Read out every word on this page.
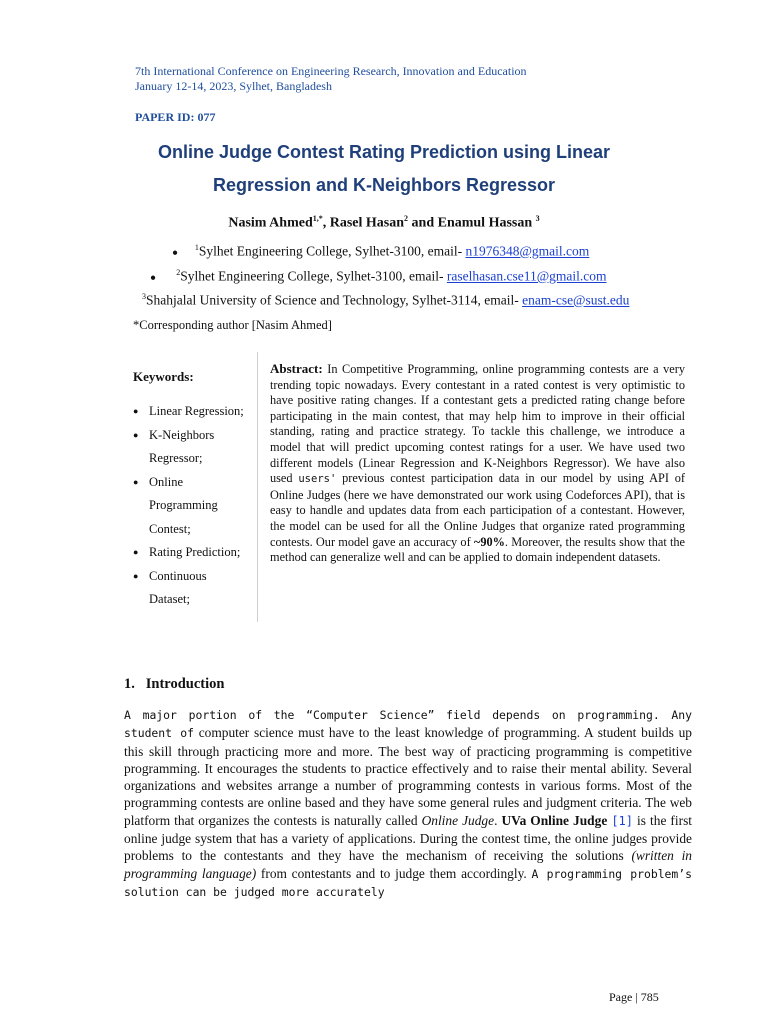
7th International Conference on Engineering Research, Innovation and Education
January 12-14, 2023, Sylhet, Bangladesh
PAPER ID: 077
Online Judge Contest Rating Prediction using Linear
Regression and K-Neighbors Regressor
Nasim Ahmed$^{1,*}$, Rasel Hasan$^2$ and Enamul Hassan $^3$
● $^1$Sylhet Engineering College, Sylhet-3100, email- n1976348@gmail.com
●	$^2$Sylhet Engineering College, Sylhet-3100, email- raselhasan.cse11@gmail.com
$^3$Shahjalal University of Science and Technology, Sylhet-3114, email- enam-cse@sust.edu
*Corresponding author [Nasim Ahmed]
Keywords:
● Linear Regression;
● K-Neighbors
Regressor;
● Online
Programming
Contest;
● Rating Prediction;
● Continuous
Dataset;
Abstract: In Competitive Programming, online programming contests are a very trending topic nowadays. Every contestant in a rated contest is very optimistic to have positive rating changes. If a contestant gets a predicted rating change before participating in the main contest, that may help him to improve in their official standing, rating and practice strategy. To tackle this challenge, we introduce a model that will predict upcoming contest ratings for a user. We have used two different models (Linear Regression and K-Neighbors Regressor). We have also used users' previous contest participation data in our model by using API of Online Judges (here we have demonstrated our work using Codeforces API), that is easy to handle and updates data from each participation of a contestant. However, the model can be used for all the Online Judges that organize rated programming contests. Our model gave an accuracy of ~90%. Moreover, the results show that the method can generalize well and can be applied to domain independent datasets.
1.   Introduction
A major portion of the “Computer Science” field depends on programming. Any student of computer science must have to the least knowledge of programming. A student builds up this skill through practicing more and more. The best way of practicing programming is competitive programming. It encourages the students to practice effectively and to raise their mental ability. Several organizations and websites arrange a number of programming contests in various forms. Most of the programming contests are online based and they have some general rules and judgment criteria. The web platform that organizes the contests is naturally called Online Judge. UVa Online Judge [1] is the first online judge system that has a variety of applications. During the contest time, the online judges provide problems to the contestants and they have the mechanism of receiving the solutions (written in programming language) from contestants and to judge them accordingly. A programming problem’s solution can be judged more accurately
Page | 785
